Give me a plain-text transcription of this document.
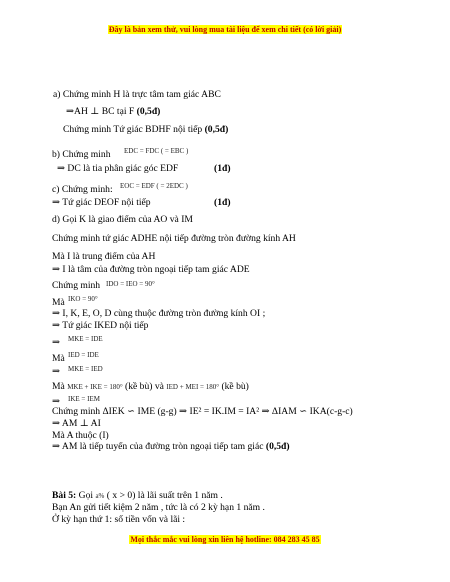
Đây là bản xem thử, vui lòng mua tài liệu để xem chi tiết (có lời giải)
a) Chứng minh H là trực tâm tam giác ABC
⇒AH ⊥ BC tại F (0,5đ)
Chứng minh Tứ giác BDHF nội tiếp (0,5đ)
b) Chứng minh EDC = FDC ( = EBC )
⇒ DC là tia phân giác góc EDF	(1đ)
c) Chứng minh: EOC = EDF ( = 2EDC )
⇒ Tứ giác DEOF nội tiếp	(1đ)
d) Gọi K là giao điểm của AO và IM
Chứng minh tứ giác ADHE nội tiếp đường tròn đường kính AH
Mà I là trung điểm của AH
⇒ I là tâm của đường tròn ngoại tiếp tam giác ADE
Chứng minh IDO = IEO = 90°
Mà IKO = 90°
⇒ I, K, E, O, D cùng thuộc đường tròn đường kính OI ;
⇒ Tứ giác IKED nội tiếp
⇒ MKE = IDE
Mà IED = IDE
⇒ MKE = IED
Mà MKE + IKE = 180° (kề bù) và IED + MEI = 180° (kề bù)
⇒ IKE = IEM
Chứng minh ΔIEK ∽ IME (g-g) ⇒ IE² = IK.IM = IA² ⇒ ΔIAM ∽ IKA(c-g-c)
⇒ AM ⊥ AI
Mà A thuộc (I)
⇒ AM là tiếp tuyến của đường tròn ngoại tiếp tam giác (0,5đ)
Bài 5: Gọi a% ( x > 0) là lãi suất trên 1 năm .
Bạn An gửi tiết kiệm 2 năm , tức là có 2 kỳ hạn 1 năm .
Ở kỳ hạn thứ 1: số tiền vốn và lãi :
Mọi thắc mắc vui lòng xin liên hệ hotline: 084 283 45 85
